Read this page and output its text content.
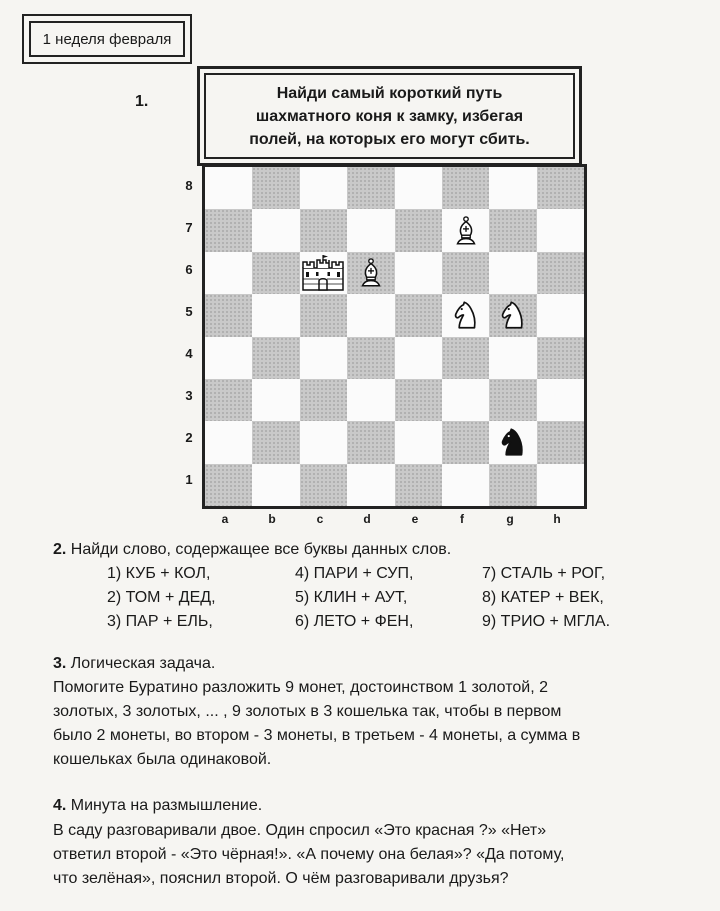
1 неделя февраля
1.	Найди самый короткий путь
шахматного коня к замку, избегая
полей, на которых его могут сбить.
8
7
6
5
4
3
2
1
a	b	c	d	e	f	g	h
2. Найди слово, содержащее все буквы данных слов.
1) КУБ + КОЛ,
2) ТОМ + ДЕД,
3) ПАР + ЕЛЬ,
4) ПАРИ + СУП,
5) КЛИН + АУТ,
6) ЛЕТО + ФЕН,
7) СТАЛЬ + РОГ,
8) КАТЕР + ВЕК,
9) ТРИО + МГЛА.
3. Логическая задача.
Помогите Буратино разложить 9 монет, достоинством 1 золотой, 2
золотых, 3 золотых, ... , 9 золотых в 3 кошелька так, чтобы в первом
было 2 монеты, во втором - 3 монеты, в третьем - 4 монеты, а сумма в
кошельках была одинаковой.
4. Минута на размышление.
В саду разговаривали двое. Один спросил «Это красная ?» «Нет»
ответил второй - «Это чёрная!». «А почему она белая»? «Да потому,
что зелёная», пояснил второй. О чём разговаривали друзья?
